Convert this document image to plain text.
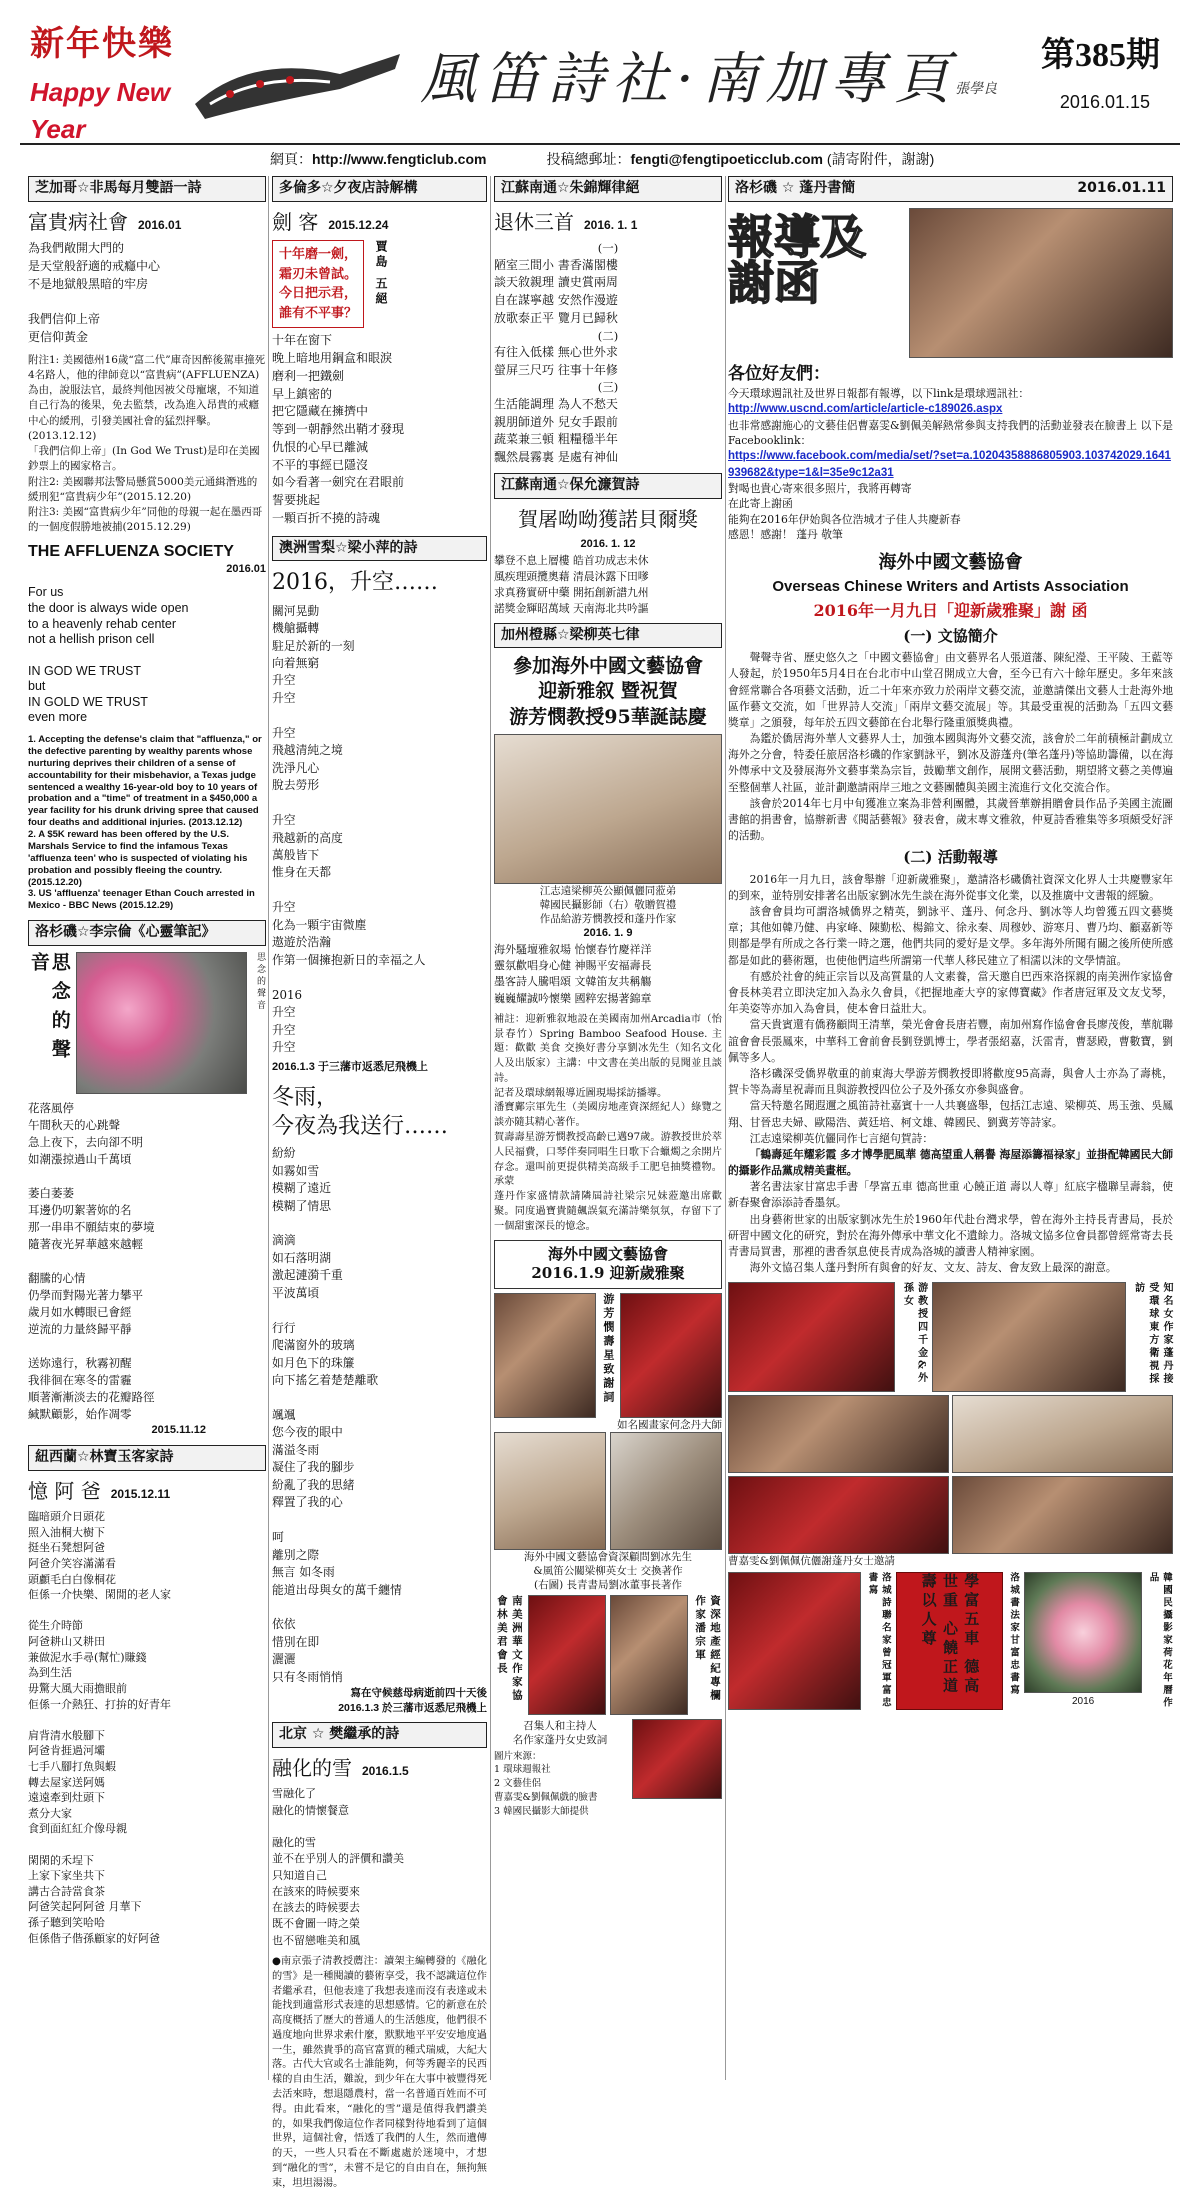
新年快樂
Happy New Year
風笛詩社·南加專頁
張學良
第385期
2016.01.15
網頁：http://www.fengticlub.com	投稿總郵址：fengti@fengtipoeticclub.com (請寄附件，謝謝)
芝加哥☆非馬每月雙語一詩
富貴病社會 2016.01
為我們敞開大門的
是天堂般舒適的戒癮中心
不是地獄般黑暗的牢房

我們信仰上帝
更信仰黃金
附注1: 美國德州16歲“富二代”庫奇因醉後駕車撞死4名路人，他的律師竟以“富貴病”(AFFLUENZA)為由，說服法官，最終判他因被父母寵壞，不知道自己行為的後果，免去監禁，改為進入昂貴的戒癮中心的緩刑，引發美國社會的猛烈抨擊。(2013.12.12)
「我們信仰上帝」(In God We Trust)是印在美國鈔票上的國家格言。
附注2: 美國聯邦法警局懸賞5000美元通緝潛逃的緩刑犯“富貴病少年”(2015.12.20)
附注3: 美國“富貴病少年”同他的母親一起在墨西哥的一個度假勝地被捕(2015.12.29)
THE AFFLUENZA SOCIETY
2016.01
For us
the door is always wide open
to a heavenly rehab center
not a hellish prison cell

IN GOD WE TRUST
but
IN GOLD WE TRUST
even more
1. Accepting the defense's claim that "affluenza," or the defective parenting by wealthy parents whose nurturing deprives their children of a sense of accountability for their misbehavior, a Texas judge sentenced a wealthy 16-year-old boy to 10 years of probation and a "time" of treatment in a $450,000 a year facility for his drunk driving spree that caused four deaths and additional injuries. (2013.12.12)
2. A $5K reward has been offered by the U.S. Marshals Service to find the infamous Texas 'affluenza teen' who is suspected of violating his probation and possibly fleeing the country. (2015.12.20)
3. US 'affluenza' teenager Ethan Couch arrested in Mexico - BBC News (2015.12.29)
洛杉磯☆李宗倫《心靈筆記》
思念的聲音	思念的聲音
花落風停
午間秋天的心跳聲
急上夜下，去向卻不明
如潮漲掠過山千萬頃

萎白萎萎
耳邊仍叨絮著妳的名
那一串串不願結束的夢境
隨著夜光昇華越來越輕

翻騰的心情
仍學而對陽光著力攀平
歲月如水轉眼已會經
逆流的力量終歸平靜

送妳遠行，秋霧初醒
我徘徊在寒冬的雷霾
順著漸漸淡去的花瓣路徑
緘默顧影，始作凋零
2015.11.12
紐西蘭☆林寶玉客家詩
憶 阿 爸 2015.12.11
臨暗頭介日頭花
照入油桐大樹下
挺坐石凳想阿爸
阿爸介笑容滿滿看
頭顱毛白白像桐花
佢係一介快樂、閑閒的老人家

從生介時節
阿爸耕山又耕田
兼做泥水手尋(幫忙)賺錢
為到生活
毋驚大風大雨擔眼前
佢係一介熱狂、打拚的好青年

肩背清水般腳下
阿爸肯捱過河壩
七手八腳打魚與蝦
轉去屋家送阿媽
遠遠牽到灶頭下
煮分大家
食到面紅紅介像母親

閑閑的禾埕下
上家下家坐共下
講古合詩當食茶
阿爸笑起阿阿爸 月華下
孫子聽到笑哈哈
佢係偕子偕孫顧家的好阿爸
多倫多☆夕夜店詩解構
劍 客 2015.12.24
十年磨一劍，
霜刃未曾試。
今日把示君，
誰有不平事？
賈島 五絕
十年在窗下
晚上暗地用鋼盒和眼淚
磨利一把鐵劍
早上鎮密的
把它隱藏在擁擠中
等到一朝靜然出鞘才發現
仇恨的心早已離減
不平的事經已隱沒
如今看著一劍究在君眼前
誓要挑起
一顆百折不撓的詩魂
澳洲雪梨☆梁小萍的詩
2016，升空……
關河晃動
機艙攝轉
駐足於新的一刻
向着無窮
升空
升空

升空
飛越清純之境
洗淨凡心
脫去勞形

升空
飛越新的高度
萬般皆下
惟身在天都

升空
化為一顆宇宙微塵
遨遊於浩瀚
作第一個擁抱新日的幸福之人

2016
升空
升空
升空
2016.1.3 于三藩市返悉尼飛機上
冬雨，
今夜為我送行……
紛紛
如霧如雪
模糊了遠近
模糊了情思

滴滴
如石落明湖
激起漣漪千重
平波萬頃

行行
爬滿窗外的玻璃
如月色下的珠簾
向下搖乞着楚楚離歌

颯颯
您今夜的眼中
滿溢冬雨
凝住了我的腳步
紛亂了我的思緒
釋置了我的心

呵
離別之際
無言 如冬雨
能道出母與女的萬千纏情

依依
惜別在即
灑灑
只有冬雨悄悄
寫在守候慈母病逝前四十天後
2016.1.3 於三藩市返悉尼飛機上
北京 ☆ 樊繼承的詩
融化的雪 2016.1.5
雪融化了
融化的情懷餐意

融化的雪
並不在乎別人的評價和讚美
只知道自己
在該來的時候要來
在該去的時候要去
既不會圖一時之榮
也不留戀唯美和風
●南京張子清教授薦注：讀架主編轉發的《融化的雪》是一種閱讀的藝術享受，我不認識這位作者繼承君，但他表達了我想表達而沒有表達或未能找到適當形式表達的思想感情。它的新意在於高度概括了歷大的普通人的生活態度，他們很不過度地向世界求索什麼，默默地平平安安地度過一生，雖然貴爭的高官富賈的種式瑞威，大紀大落。古代大官或名士誰能夠，何等秀麗辛的民西樣的自由生活，難說，到少年在大事中被豐得死去活來時，想退隱農村，當一名普通百姓而不可得。由此看來，“融化的雪”還是值得我們讚美的，如果我們像這位作者同樣對待地看到了這個世界，這個社會，悟透了我們的人生，然而遺傳的天，一些人只看在不斷處處於迷境中，才想到“融化的雪”，未嘗不是它的自由自在，無拘無束，坦坦湯湯。
江蘇南通☆朱錦輝律絕
退休三首 2016. 1. 1
(一)
陋室三間小 書香滿閣樓
談天敘親理 讀史賞兩周
自在謀寧越 安然作漫遊
放歌泰正平 覽月已歸秋
(二)
有往入低樣 無心世外求
螢屏三尺巧 往事十年修
(三)
生活能調理 為人不愁天
親朋師道外 兒女手跟前
蔬菜兼三頓 粗糧穩半年
飄然晨霧裏 是處有神仙
江蘇南通☆保允濂賀詩
賀屠呦呦獲諾貝爾獎
2016. 1. 12
攀登不息上層樓 皓首功成志未休
風疾理頭攬奧藉 清晨沐露下田嗲
求真務實研中藥 開拓創新譜九州
諾獎金輝昭萬域 天南海北共吟謳
加州橙縣☆梁柳英七律
參加海外中國文藝協會
迎新雅叙 暨祝賀
游芳憫教授95華誕誌慶
江志遠梁柳英公顯佩儷同蒞弟
韓國民攝影師（右）敬贈賀禮
作品給游芳憫教授和蓬丹作家
2016. 1. 9
海外騷壇雅叙場 怡懷春竹慶祥洋
靈氛歡唱身心健 神賜平安福壽長
墨客詩人騰唱頌 文韓笛友共稱觴
巍巍耀誠吟懷樂 國粹宏揚著錦章
補註：迎新雅叙地設在美國南加州Arcadia市（怡景春竹）Spring Bamboo Seafood House. 主題：歡歡 美食 交換好書分享劉冰先生（知名文化人及出版家）主講：中文書在美出版的見聞並且談詩。
記者及環球網報導近圖現場採訪播導。
潘寶鄺宗軍先生（美國房地產資深經紀人）綠覽之談亦隨其精心著作。
賀壽壽星游芳憫教授高齡已邁97歲。游教授世於萃人民福費，口琴伴奏同唱生日歌下合蠟燭之余開片存念。還叫前更提供精美高級手工肥皂抽獎禮物。承蒙
蓬丹作家盛情款請隣屆詩社梁宗兄妹蒞邀出席歡聚。同度過寶貴隨飆誤氣充滿詩樂氛氛，存留下了一個甜蜜深長的憶念。
海外中國文藝協會
2016.1.9 迎新歲雅聚
游芳憫壽星致謝詞
如名國畫家何念丹大師
海外中國文藝協會資深顧問劉冰先生
&風笛公關梁柳英女士 交換著作
(右圖) 長青書局劉冰董事長著作
南美洲華文作家協會林美君會長	資深地產經紀專欄作家潘宗軍
召集人和主持人
名作家蓬丹女史致詞
圖片來源：
1 環球週報社
2 文藝佳侶
曹嘉雯&劉佩佩戲的臉書
3 韓國民攝影大師提供
洛杉磯 ☆ 蓬丹書簡	2016.01.11
報導及謝函
各位好友們：
今天環球週訊社及世界日報都有報導，以下link是環球週訊社：
http://www.uscnd.com/article/article-c189026.aspx
也非常感謝施心的文藝佳侶曹嘉雯&劉佩美解熱常參與支持我們的活動並發表在臉書上 以下是 Facebooklink：
https://www.facebook.com/media/set/?set=a.10204358886805903.103742029.1641939682&type=1&l=35e9c12a31
對喝也貴心寄來很多照片，我將再轉寄
在此寄上謝函
能夠在2016年伊始與各位浩城才子佳人共慶新春
感恩！感謝！ 蓬丹 敬筆
海外中國文藝協會
Overseas Chinese Writers and Artists Association
2016年一月九日「迎新歲雅聚」謝 函
(一) 文協簡介
聲聲寺省、歷史悠久之「中國文藝協會」由文藝界名人張道藩、陳紀瀅、王平陵、王藍等人發起，於1950年5月4日在台北市中山堂召開成立大會，至今已有六十餘年歷史。多年來該會經常聯合各項藝文活動，近二十年來亦致力於兩岸文藝交流，並邀請傑出文藝人士赴海外地區作藝文交流，如「世界詩人交流」「兩岸文藝交流展」等。其最受重視的活動為「五四文藝獎章」之頒發，每年於五四文藝節在台北舉行隆重頒獎典禮。
為鑑於僑居海外華人文藝界人士，加強本國與海外文藝交流，該會於二年前積極計劃成立海外之分會，特委任旅居洛杉磯的作家劉詠平，劉冰及游蓬舟(筆名蓬丹)等協助籌備，以在海外傳承中文及發展海外文藝事業為宗旨，鼓勵華文創作，展開文藝活動，期望將文藝之美傳遍至整個華人社區，並計劃邀請兩岸三地之文藝團體與美國主流進行文化交流合作。
該會於2014年七月中旬獲准立案為非營利團體，其歲晉華辦捐贈會員作品予美國主流圖書館的捐書會，協辦新書《閱話藝報》發表會，歲末專文雅敘，仲夏詩香雅集等多項頗受好評的活動。
(二) 活動報導
2016年一月九日，該會舉辦「迎新歲雅聚」，邀請洛杉磯僑社資深文化界人士共慶豐家年的到來，並特別安排著名出版家劉冰先生談在海外從事文化業，以及推廣中文書報的經驗。
該會會員均可謂洛城僑界之精英，劉詠平、蓬丹、何念丹、劉冰等人均曾獲五四文藝獎章；其他如韓乃健、冉家峰、陳勤松、楊錦文、徐永秦、周穆妙、游寒月、曹乃均、顧嘉新等則都是學有所成之各行業一時之選，他們共同的愛好是文學。多年海外所聞有關之後所使所感都是如此的藝術題，也使他們這些所謂第一代華人移民建立了相濡以沫的文學情誼。
有感於社會的純正宗旨以及高質量的人文素養，當天邀自巴西來洛探親的南美洲作家協會會長林美君立即決定加入為永久會員，《把握地產大亨的家傳寶藏》作者唐冠軍及文友戈琴，年美姿等亦加入為會員，使本會日益壯大。
當天貴賓還有僑務顧問王清華，榮光會會長唐若豐，南加州寫作協會會長廖茂俊，華航聯誼會會長張鳳來，中華科工會前會長劉登凱博士，學者張紹嘉，沃雷青，曹瑟殿，曹數寶，劉佩等多人。
洛杉磯深受僑界敬重的前東海大學游芳憫教授即將歡度95高壽，與會人士亦為了壽桃，賀卡等為壽星祝壽而且與游教授四位公子及外孫女亦參與盛會。
當天特邀名聞遐邇之風笛詩社嘉賓十一人共襄盛舉，包括江志遠、梁柳英、馬玉強、吳鳳翔、甘晉忠夫婦、歐陽浩、黃廷培、柯文雄、韓國民、劉冀芳等詩家。
江志遠梁柳英伉儷同作七言絕句賀詩：
「鶴壽延年耀彩霞 多才博學肥風華 德高望重人稱譽 海屋添籌福禄家」並掛配韓國民大師的攝影作品黨成精美畫框。
著名書法家甘富忠手書「學富五車 德高世重 心饒正道 壽以人尊」紅底字楹聯呈壽翁，使新春聚會添添詩香墨氛。
出身藝術世家的出版家劉冰先生於1960年代赴台灣求學，曾在海外主持長青書局，長於研習中國文化的研究，對於在海外傳承中華文化不遺餘力。洛城文協多位會員都曾經常寄去長青書局買書，那裡的書香氛息使長青成為洛城的讀書人精神家園。
海外文協召集人蓬丹對所有與會的好友、文友、詩友、會友致上最深的謝意。
游教授四千金&外孫女	知名女作家蓬丹接受環球東方衛視採訪
曹嘉雯&劉佩佩伉儷謝蓬丹女士邀請
洛城詩聯名家曾冠軍富忠書寫	學富五車 德高世重 心饒正道 壽以人尊	洛城書法家甘富忠書寫
2016	韓國民攝影家荷花年曆作品
